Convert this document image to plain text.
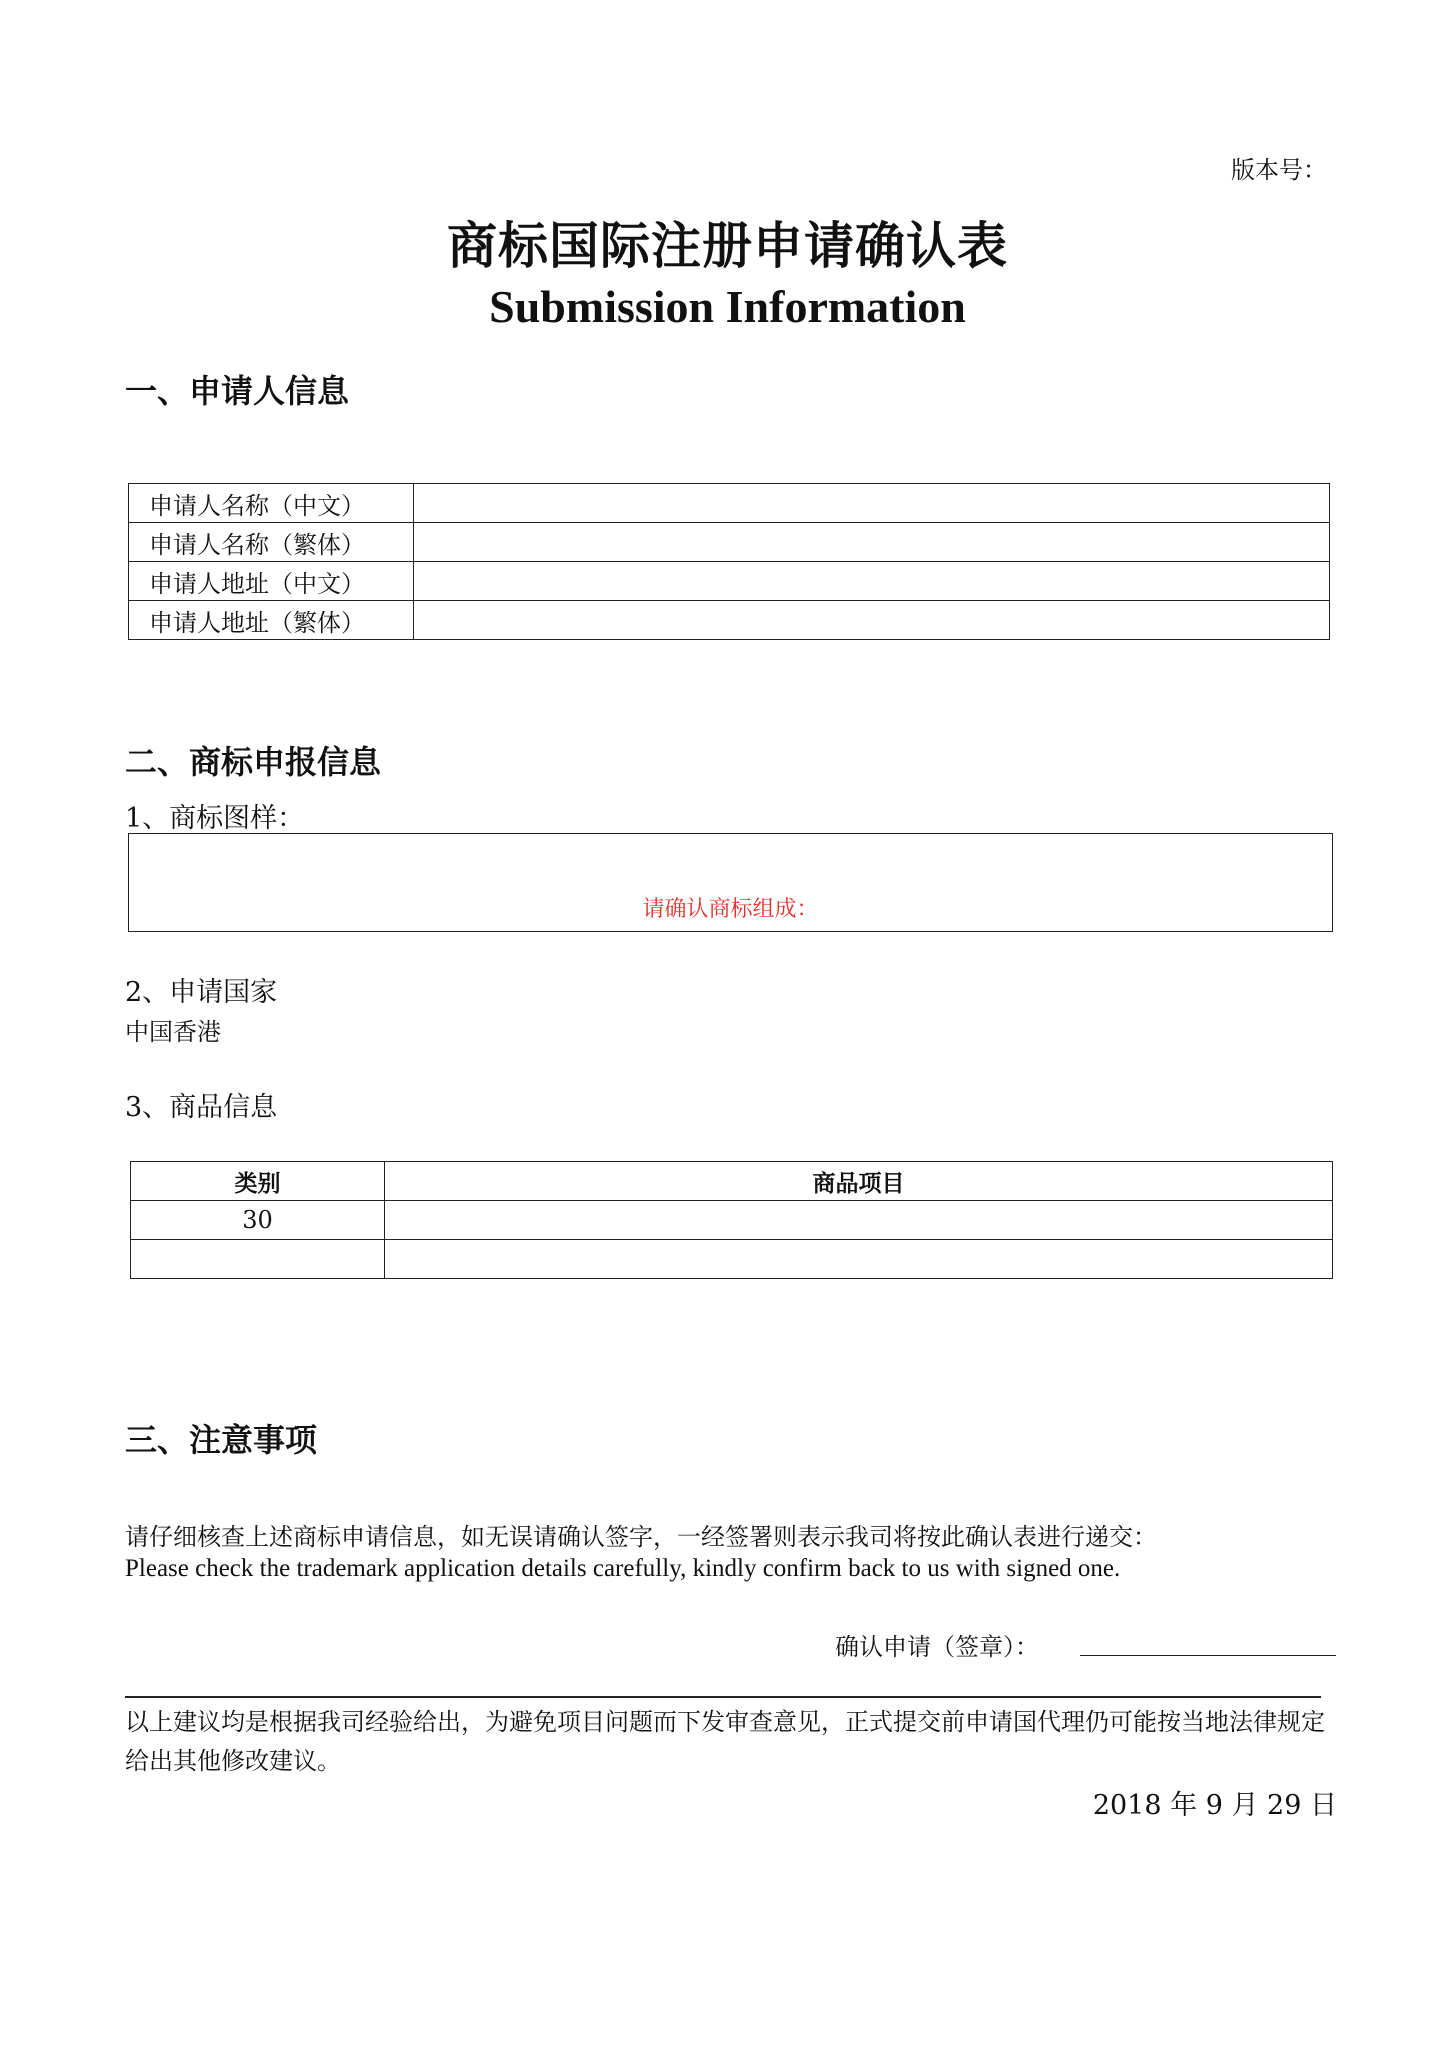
版本号：
商标国际注册申请确认表
Submission Information
一、申请人信息
申请人名称（中文）	
申请人名称（繁体）	
申请人地址（中文）	
申请人地址（繁体）	
二、商标申报信息
1、商标图样：
请确认商标组成：
2、申请国家
中国香港
3、商品信息
类别	商品项目
30	

三、注意事项
请仔细核查上述商标申请信息，如无误请确认签字，一经签署则表示我司将按此确认表进行递交：
Please check the trademark application details carefully, kindly confirm back to us with signed one.
确认申请（签章）：
以上建议均是根据我司经验给出，为避免项目问题而下发审查意见，正式提交前申请国代理仍可能按当地法律规定给出其他修改建议。
2018 年 9 月 29 日
